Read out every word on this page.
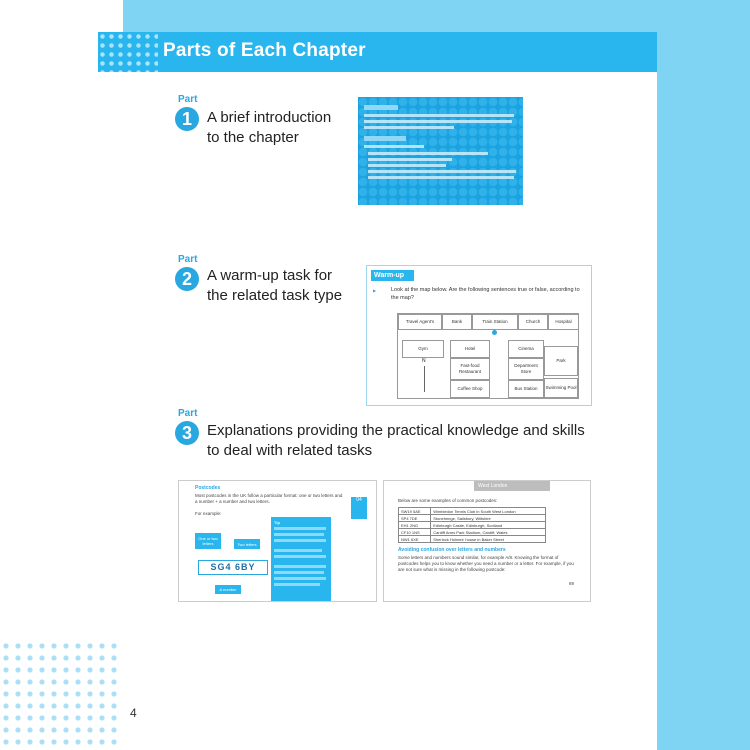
Parts of Each Chapter
Part
1	A brief introduction
to the chapter
Part
2	A warm-up task for
the related task type
Warm-up
▶	Look at the map below. Are the following sentences true or false, according to the map?
Travel Agent's	Bank	Train Station	Church	Hospital
Gym	Hotel
Fast-food Restaurant
Coffee Shop
Cinema
Department Store
Park
Bus Station	Swimming Pool
N
Part
3	Explanations providing the practical knowledge and skills
to deal with related tasks
Postcodes
Most postcodes in the UK follow a particular format: one or two letters and a number + a number and two letters.
For example:
Tip
One or two letters	Two letters
SG4 6BY
A number
04
West London
Below are some examples of common postcodes:
SW19 5AE	Wimbledon Tennis Club in South West London
SP4 7DE	Stonehenge, Salisbury, Wiltshire
EH1 2NG	Edinburgh Castle, Edinburgh, Scotland
CF10 1NS	Cardiff Arms Park Stadium, Cardiff, Wales
NW1 6XE	Sherlock Holmes' house in Baker Street
Avoiding confusion over letters and numbers
Some letters and numbers sound similar, for example A/8. Knowing the format of postcodes helps you to know whether you need a number or a letter. For example, if you are not sure what is missing in the following postcode:
89
4
